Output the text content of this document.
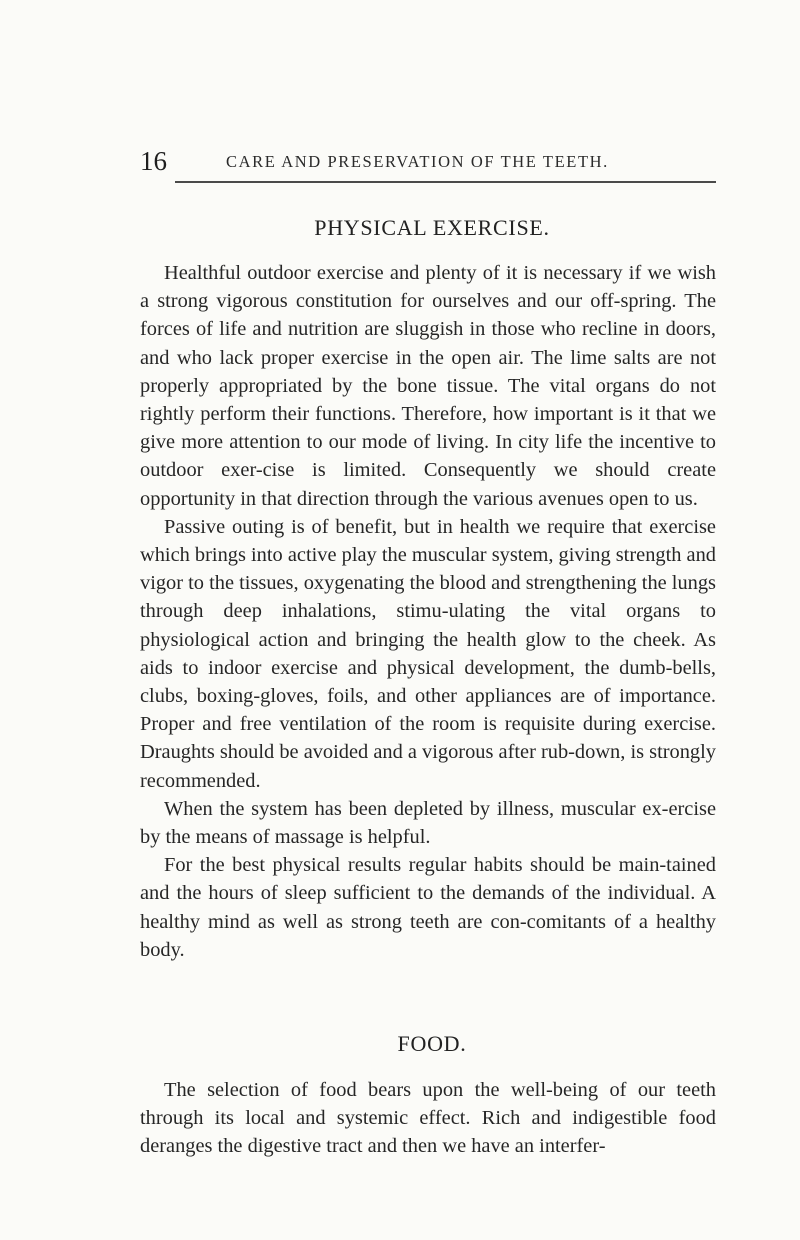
16	CARE AND PRESERVATION OF THE TEETH.
PHYSICAL EXERCISE.

Healthful outdoor exercise and plenty of it is necessary if we wish a strong vigorous constitution for ourselves and our off-spring. The forces of life and nutrition are sluggish in those who recline in doors, and who lack proper exercise in the open air. The lime salts are not properly appropriated by the bone tissue. The vital organs do not rightly perform their functions. Therefore, how important is it that we give more attention to our mode of living. In city life the incentive to outdoor exer-cise is limited. Consequently we should create opportunity in that direction through the various avenues open to us.

Passive outing is of benefit, but in health we require that exercise which brings into active play the muscular system, giving strength and vigor to the tissues, oxygenating the blood and strengthening the lungs through deep inhalations, stimu-ulating the vital organs to physiological action and bringing the health glow to the cheek. As aids to indoor exercise and physical development, the dumb-bells, clubs, boxing-gloves, foils, and other appliances are of importance. Proper and free ventilation of the room is requisite during exercise. Draughts should be avoided and a vigorous after rub-down, is strongly recommended.

When the system has been depleted by illness, muscular ex-ercise by the means of massage is helpful.

For the best physical results regular habits should be main-tained and the hours of sleep sufficient to the demands of the individual. A healthy mind as well as strong teeth are con-comitants of a healthy body.

FOOD.

The selection of food bears upon the well-being of our teeth through its local and systemic effect. Rich and indigestible food deranges the digestive tract and then we have an interfer-
